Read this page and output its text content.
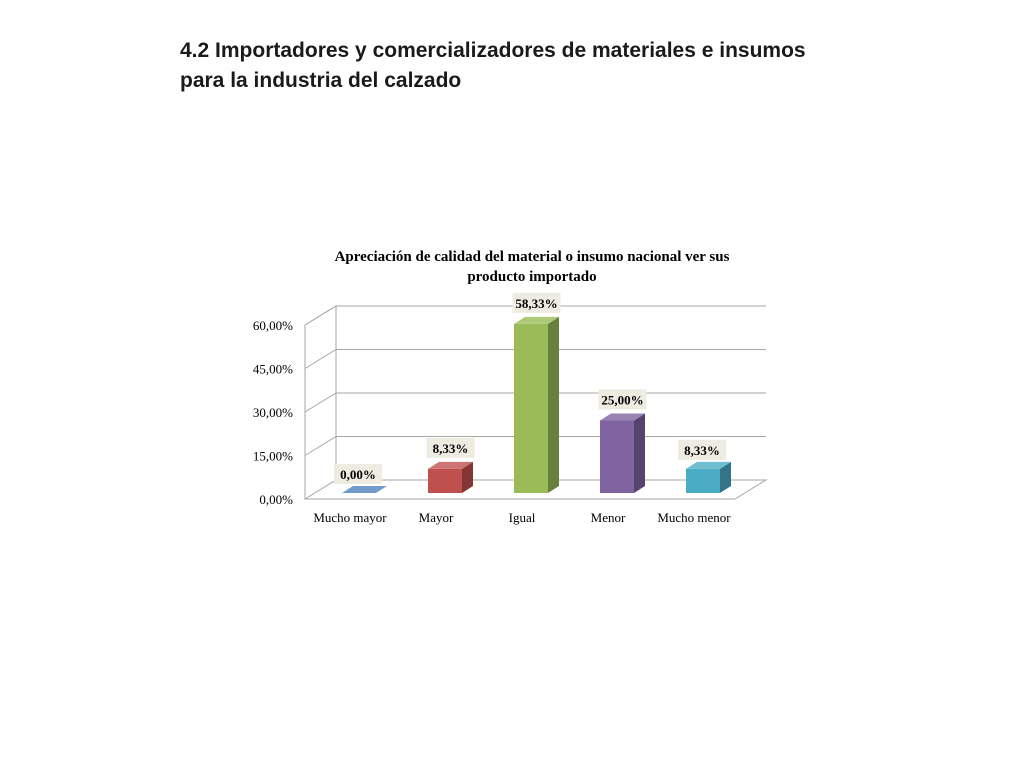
4.2 Importadores y comercializadores de materiales e insumos
para la industria del calzado
Apreciación de calidad del material o insumo nacional ver sus
producto importado
0,00%
15,00%
30,00%
45,00%
60,00%
0,00%
8,33%
58,33%
25,00%
8,33%
Mucho mayor Mayor	Igual	Menor Mucho menor
